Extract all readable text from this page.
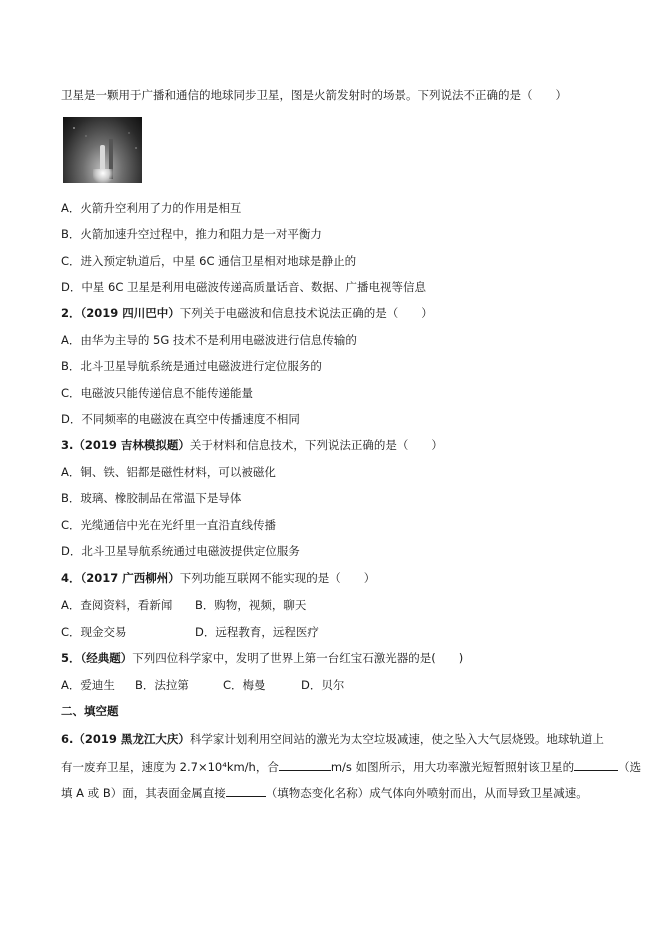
卫星是一颗用于广播和通信的地球同步卫星，图是火箭发射时的场景。下列说法不正确的是（　　）
A．火箭升空利用了力的作用是相互
B．火箭加速升空过程中，推力和阻力是一对平衡力
C．进入预定轨道后，中星 6C 通信卫星相对地球是静止的
D．中星 6C 卫星是利用电磁波传递高质量话音、数据、广播电视等信息
2．（2019 四川巴中）下列关于电磁波和信息技术说法正确的是（　　）
A．由华为主导的 5G 技术不是利用电磁波进行信息传输的
B．北斗卫星导航系统是通过电磁波进行定位服务的
C．电磁波只能传递信息不能传递能量
D．不同频率的电磁波在真空中传播速度不相同
3.（2019 吉林模拟题）关于材料和信息技术，下列说法正确的是（　　）
A．铜、铁、铝都是磁性材料，可以被磁化
B．玻璃、橡胶制品在常温下是导体
C．光缆通信中光在光纤里一直沿直线传播
D．北斗卫星导航系统通过电磁波提供定位服务
4．（2017 广西柳州）下列功能互联网不能实现的是（　　）
A．查阅资料，看新闻 B．购物，视频，聊天
C．现金交易	D．远程教育，远程医疗
5．（经典题）下列四位科学家中，发明了世界上第一台红宝石激光器的是(　　)
A．爱迪生 B．法拉第	C．梅曼	D．贝尔
二、填空题
6.（2019 黑龙江大庆）科学家计划利用空间站的激光为太空垃圾减速，使之坠入大气层烧毁。地球轨道上
有一废弃卫星，速度为 2.7×10⁴km/h，合	m/s 如图所示，用大功率激光短暂照射该卫星的	（选
填 A 或 B）面，其表面金属直接	（填物态变化名称）成气体向外喷射而出，从而导致卫星减速。
